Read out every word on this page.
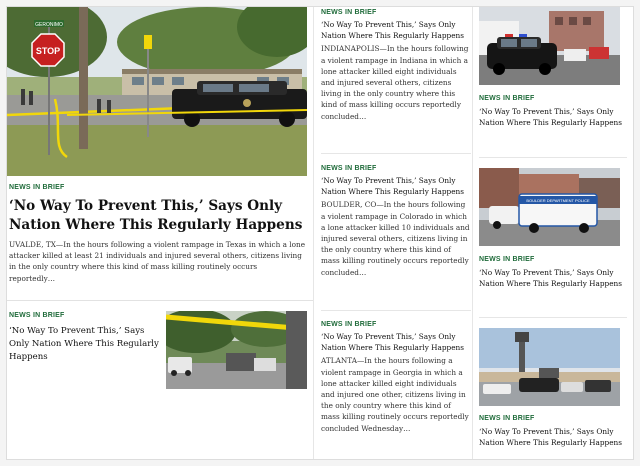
STOP
GERONIMO
NEWS IN BRIEF
‘No Way To Prevent This,’ Says Only Nation Where This Regularly Happens

UVALDE, TX—In the hours following a violent rampage in Texas in which a lone attacker killed at least 21 individuals and injured several others, citizens living in the only country where this kind of mass killing routinely occurs reportedly…

NEWS IN BRIEF
‘No Way To Prevent This,’ Says Only Nation Where This Regularly Happens
NEWS IN BRIEF
‘No Way To Prevent This,’ Says Only Nation Where This Regularly Happens

INDIANAPOLIS—In the hours following a violent rampage in Indiana in which a lone attacker killed eight individuals and injured several others, citizens living in the only country where this kind of mass killing occurs reportedly concluded…

NEWS IN BRIEF
‘No Way To Prevent This,’ Says Only Nation Where This Regularly Happens

BOULDER, CO—In the hours following a violent rampage in Colorado in which a lone attacker killed 10 individuals and injured several others, citizens living in the only country where this kind of mass killing routinely occurs reportedly concluded…

NEWS IN BRIEF
‘No Way To Prevent This,’ Says Only Nation Where This Regularly Happens

ATLANTA—In the hours following a violent rampage in Georgia in which a lone attacker killed eight individuals and injured one other, citizens living in the only country where this kind of mass killing routinely occurs reportedly concluded Wednesday…

NEWS IN BRIEF
‘No Way To Prevent This,’ Says Only Nation Where This Regularly Happens
BOULDER DEPARTMENT POLICE
NEWS IN BRIEF
‘No Way To Prevent This,’ Says Only Nation Where This Regularly Happens
NEWS IN BRIEF
‘No Way To Prevent This,’ Says Only Nation Where This Regularly Happens
